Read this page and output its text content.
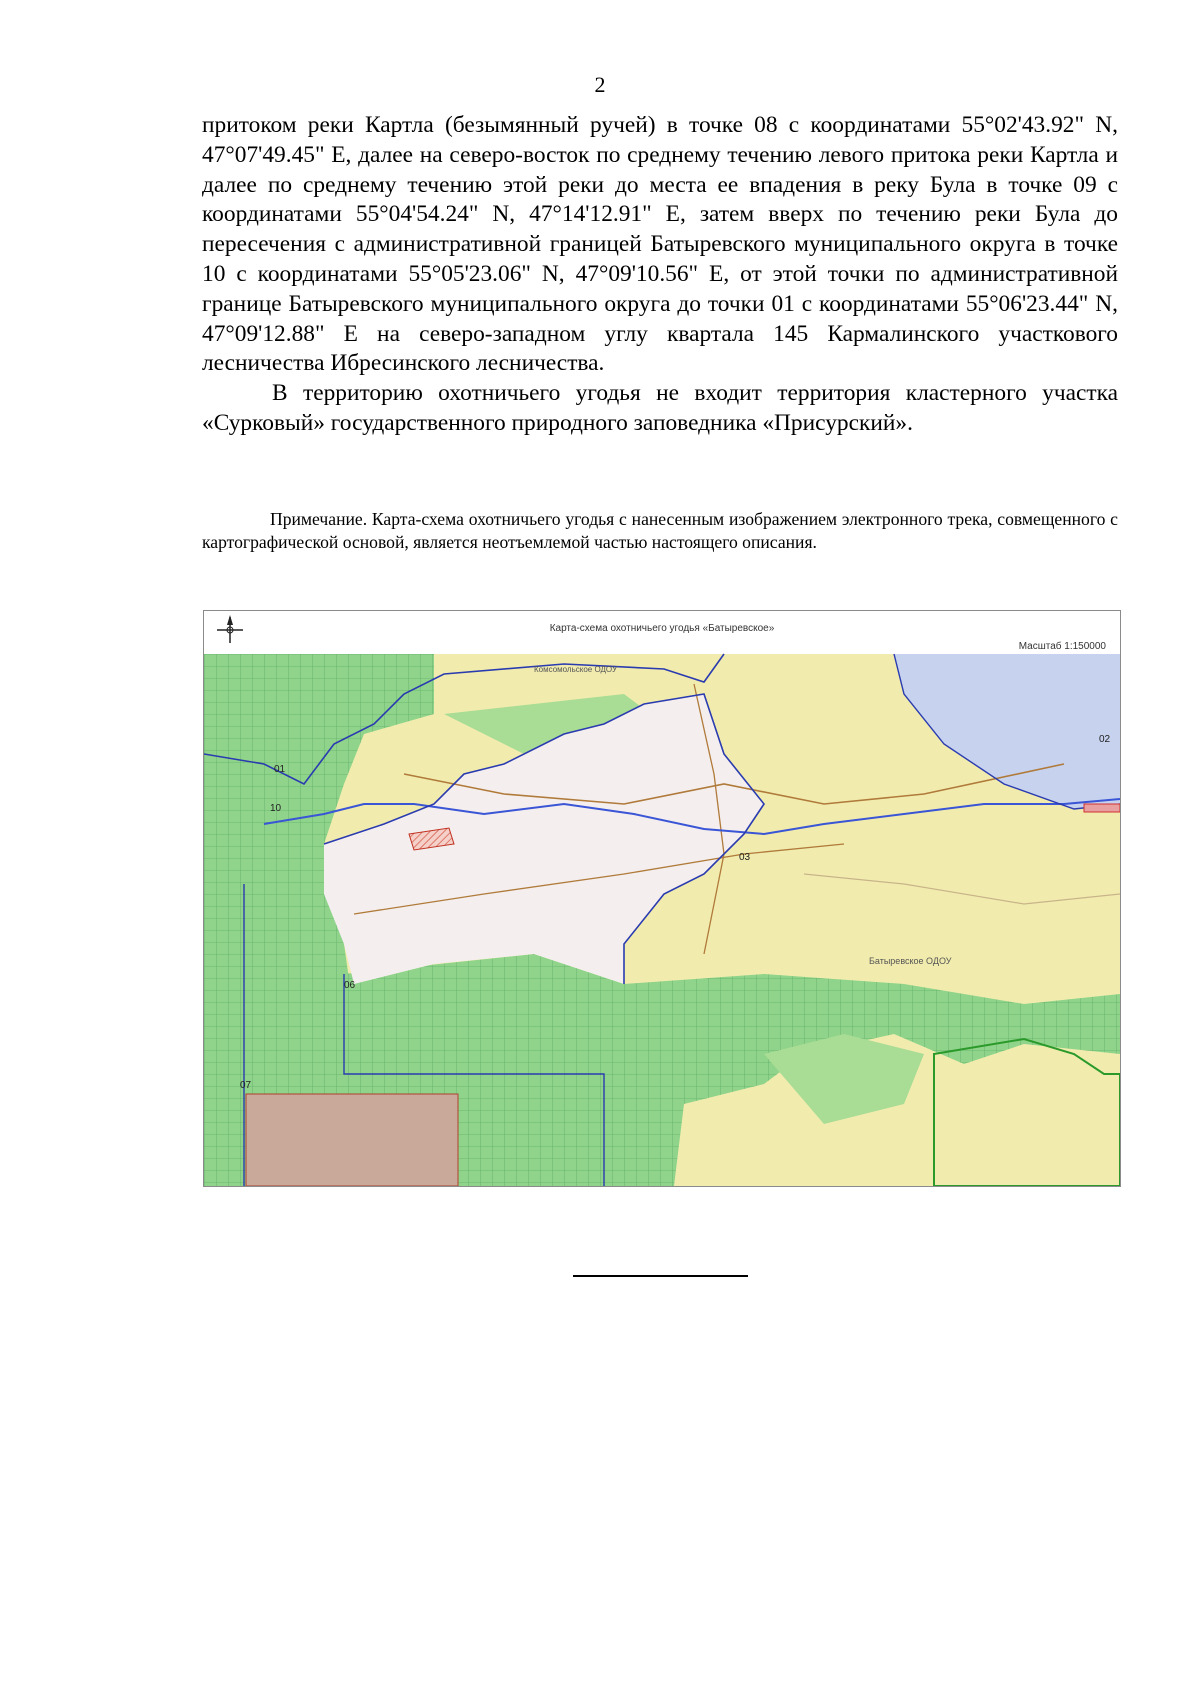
2

притоком реки Картла (безымянный ручей) в точке 08 с координатами 55°02'43.92" N, 47°07'49.45" E, далее на северо-восток по среднему течению левого притока реки Картла и далее по среднему течению этой реки до места ее впадения в реку Була в точке 09 с координатами 55°04'54.24" N, 47°14'12.91" E, затем вверх по течению реки Була до пересечения с административной границей Батыревского муниципального округа в точке 10 с координатами 55°05'23.06" N, 47°09'10.56" E, от этой точки по административной границе Батыревского муниципального округа до точки 01 с координатами 55°06'23.44" N, 47°09'12.88" E на северо-западном углу квартала 145 Кармалинского участкового лесничества Ибресинского лесничества.

В территорию охотничьего угодья не входит территория кластерного участка «Сурковый» государственного природного заповедника «Присурский».

Примечание. Карта-схема охотничьего угодья с нанесенным изображением электронного трека, совмещенного с картографической основой, является неотъемлемой частью настоящего описания.

Карта-схема охотничьего угодья «Батыревское»
Масштаб 1:150000
01
02
03
06
07
10
Батыревское ОДОУ
Комсомольское ОДОУ
